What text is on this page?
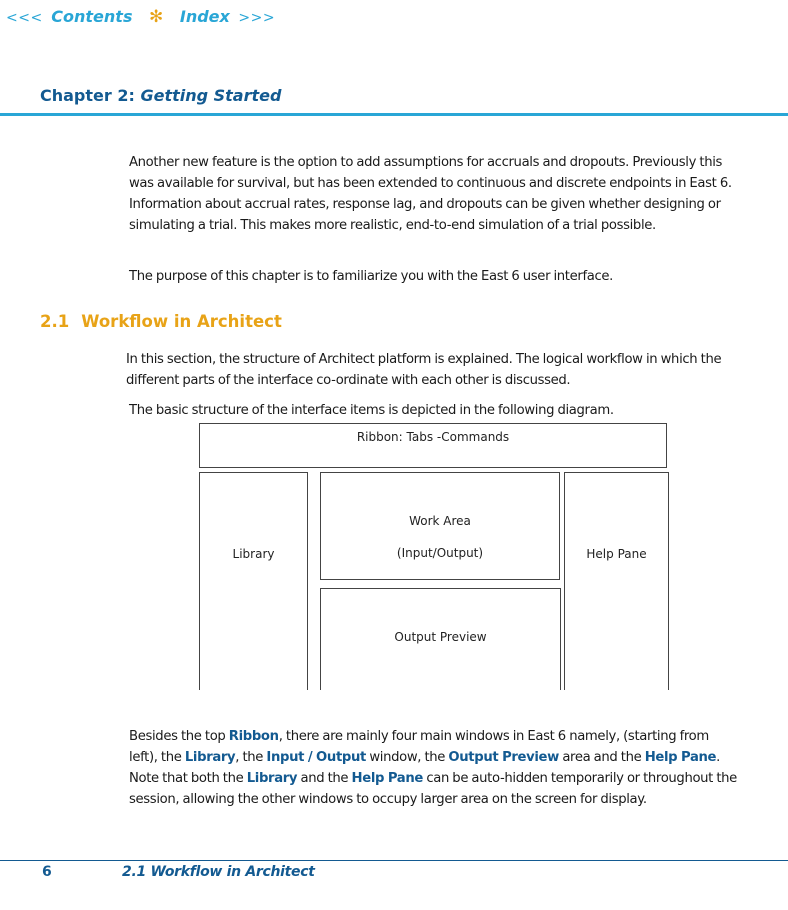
<<< Contents ✻ Index >>>
Chapter 2: Getting Started

Another new feature is the option to add assumptions for accruals and dropouts. Previously this was available for survival, but has been extended to continuous and discrete endpoints in East 6. Information about accrual rates, response lag, and dropouts can be given whether designing or simulating a trial. This makes more realistic, end-to-end simulation of a trial possible.

The purpose of this chapter is to familiarize you with the East 6 user interface.

2.1 Workflow in Architect

In this section, the structure of Architect platform is explained. The logical workflow in which the different parts of the interface co-ordinate with each other is discussed.

The basic structure of the interface items is depicted in the following diagram.

Ribbon: Tabs -Commands
Library
Work Area
(Input/Output)
Output Preview
Help Pane

Besides the top Ribbon, there are mainly four main windows in East 6 namely, (starting from left), the Library, the Input / Output window, the Output Preview area and the Help Pane. Note that both the Library and the Help Pane can be auto-hidden temporarily or throughout the session, allowing the other windows to occupy larger area on the screen for display.

6	2.1 Workflow in Architect
